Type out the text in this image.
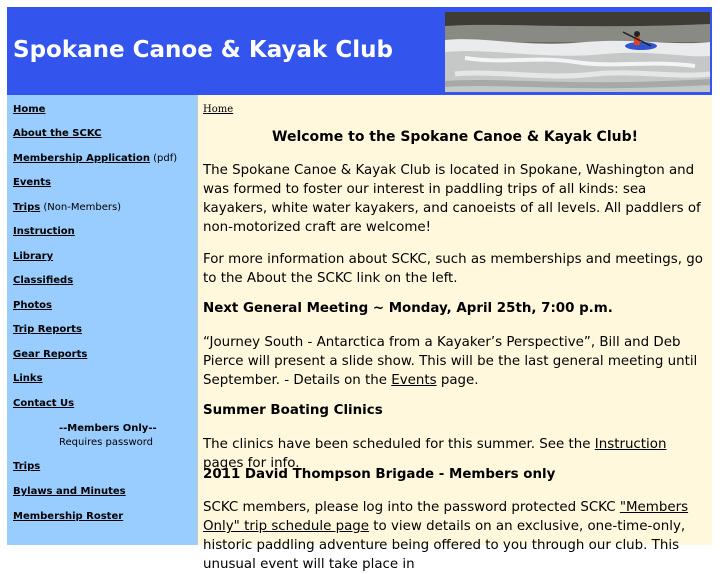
Spokane Canoe & Kayak Club
Home
About the SCKC
Membership Application (pdf)
Events
Trips (Non-Members)
Instruction
Library
Classifieds
Photos
Trip Reports
Gear Reports
Links
Contact Us
--Members Only--
Requires password
Trips
Bylaws and Minutes
Membership Roster
Home
Welcome to the Spokane Canoe & Kayak Club!
The Spokane Canoe & Kayak Club is located in Spokane, Washington and was formed to foster our interest in paddling trips of all kinds: sea kayakers, white water kayakers, and canoeists of all levels. All paddlers of non-motorized craft are welcome!
For more information about SCKC, such as memberships and meetings, go to the About the SCKC link on the left.
Next General Meeting ~ Monday, April 25th, 7:00 p.m.
“Journey South - Antarctica from a Kayaker’s Perspective”, Bill and Deb Pierce will present a slide show. This will be the last general meeting until September. - Details on the Events page.
Summer Boating Clinics
The clinics have been scheduled for this summer. See the Instruction pages for info.
2011 David Thompson Brigade - Members only
SCKC members, please log into the password protected SCKC "Members Only" trip schedule page to view details on an exclusive, one-time-only, historic paddling adventure being offered to you through our club. This unusual event will take place in
